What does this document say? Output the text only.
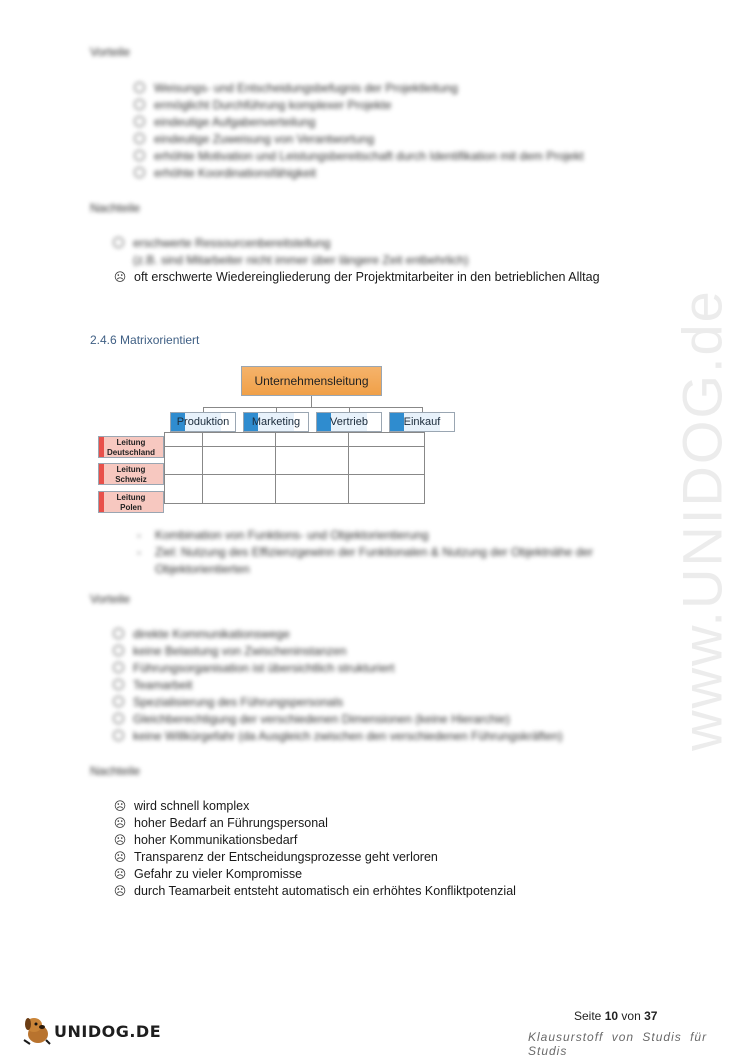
www.UNIDOG.de
Vorteile
Weisungs- und Entscheidungsbefugnis der Projektleitung
ermöglicht Durchführung komplexer Projekte
eindeutige Aufgabenverteilung
eindeutige Zuweisung von Verantwortung
erhöhte Motivation und Leistungsbereitschaft durch Identifikation mit dem Projekt
erhöhte Koordinationsfähigkeit
Nachteile
erschwerte Ressourcenbereitstellung
(z.B. sind Mitarbeiter nicht immer über längere Zeit entbehrlich)
☹ oft erschwerte Wiedereingliederung der Projektmitarbeiter in den betrieblichen Alltag
2.4.6 Matrixorientiert
Unternehmensleitung
Produktion	Marketing	Vertrieb	Einkauf
Leitung
Deutschland
Leitung
Schweiz
Leitung
Polen
- Kombination von Funktions- und Objektorientierung
- Ziel: Nutzung des Effizienzgewinn der Funktionalen & Nutzung der Objektnähe der
Objektorientierten
Vorteile
direkte Kommunikationswege
keine Belastung von Zwischeninstanzen
Führungsorganisation ist übersichtlich strukturiert
Teamarbeit
Spezialisierung des Führungspersonals
Gleichberechtigung der verschiedenen Dimensionen (keine Hierarchie)
keine Willkürgefahr (da Ausgleich zwischen den verschiedenen Führungskräften)
Nachteile
☹ wird schnell komplex
☹ hoher Bedarf an Führungspersonal
☹ hoher Kommunikationsbedarf
☹ Transparenz der Entscheidungsprozesse geht verloren
☹ Gefahr zu vieler Kompromisse
☹ durch Teamarbeit entsteht automatisch ein erhöhtes Konfliktpotenzial
Seite 10 von 37
UNIDOG.DE	Klausurstoff von Studis für Studis
